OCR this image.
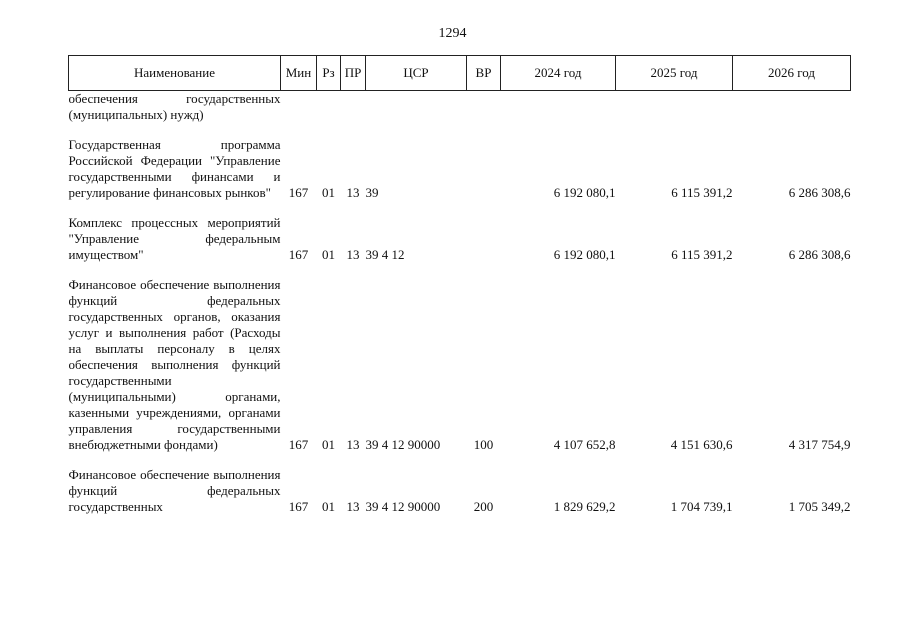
1294
Наименование	Мин	Рз	ПР	ЦСР	ВР	2024 год	2025 год	2026 год
обеспечения государственных (муниципальных) нужд)								
Государственная программа Российской Федерации "Управление государственными финансами и регулирование финансовых рынков"	167	01	13	39		6 192 080,1	6 115 391,2	6 286 308,6
Комплекс процессных мероприятий "Управление федеральным имуществом"	167	01	13	39 4 12		6 192 080,1	6 115 391,2	6 286 308,6
Финансовое обеспечение выполнения функций федеральных государственных органов, оказания услуг и выполнения работ (Расходы на выплаты персоналу в целях обеспечения выполнения функций государственными (муниципальными) органами, казенными учреждениями, органами управления государственными внебюджетными фондами)	167	01	13	39 4 12 90000	100	4 107 652,8	4 151 630,6	4 317 754,9
Финансовое обеспечение выполнения функций федеральных государственных	167	01	13	39 4 12 90000	200	1 829 629,2	1 704 739,1	1 705 349,2
